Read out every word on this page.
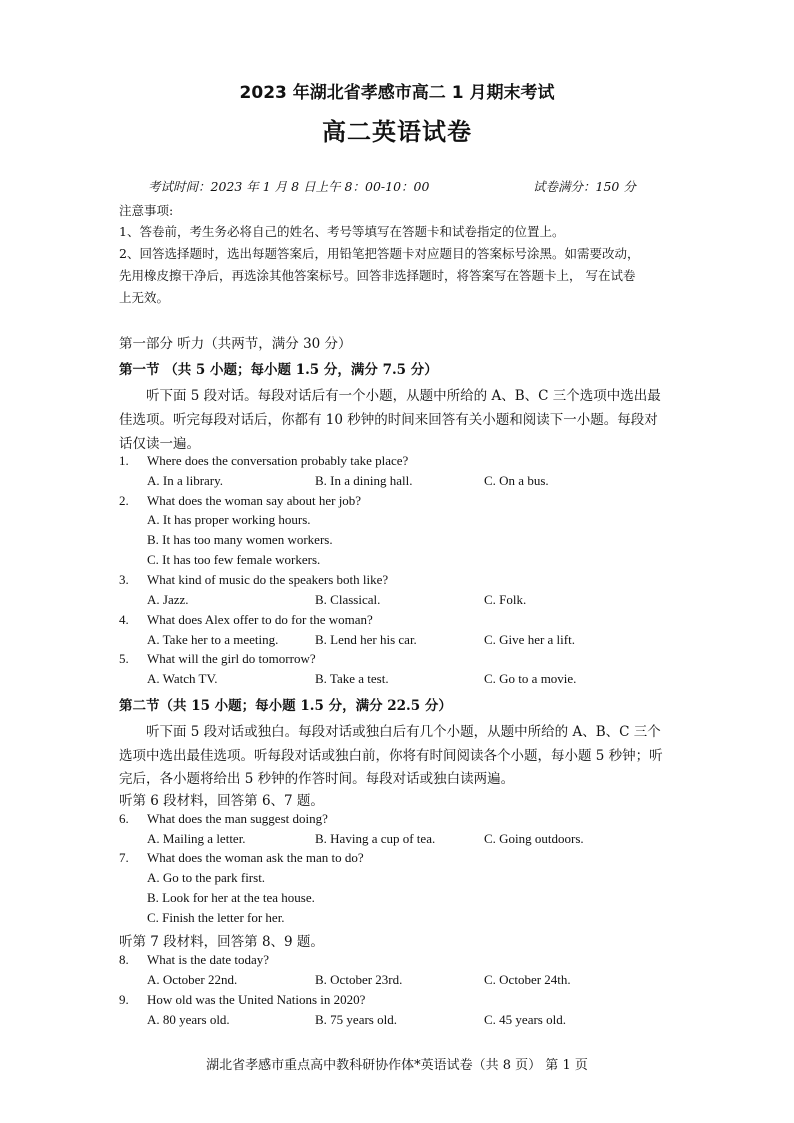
2023 年湖北省孝感市高二 1 月期末考试
高二英语试卷
考试时间：2023 年 1 月 8 日上午 8：00-10：00	试卷满分：150 分
注意事项:
1、答卷前，考生务必将自己的姓名、考号等填写在答题卡和试卷指定的位置上。
2、回答选择题时，选出每题答案后，用铅笔把答题卡对应题目的答案标号涂黑。如需要改动，
先用橡皮擦干净后，再选涂其他答案标号。回答非选择题时，将答案写在答题卡上， 写在试卷
上无效。
第一部分 听力（共两节，满分 30 分）
第一节 （共 5 小题；每小题 1.5 分，满分 7.5 分）
听下面 5 段对话。每段对话后有一个小题，从题中所给的 A、B、C 三个选项中选出最
佳选项。听完每段对话后，你都有 10 秒钟的时间来回答有关小题和阅读下一小题。每段对
话仅读一遍。
1. Where does the conversation probably take place?
A. In a library.	B. In a dining hall.	C. On a bus.
2. What does the woman say about her job?
A. It has proper working hours.
B. It has too many women workers.
C. It has too few female workers.
3. What kind of music do the speakers both like?
A. Jazz.	B. Classical.	C. Folk.
4. What does Alex offer to do for the woman?
A. Take her to a meeting.	B. Lend her his car.	C. Give her a lift.
5. What will the girl do tomorrow?
A. Watch TV.	B. Take a test.	C. Go to a movie.
第二节（共 15 小题；每小题 1.5 分，满分 22.5 分）
听下面 5 段对话或独白。每段对话或独白后有几个小题，从题中所给的 A、B、C 三个
选项中选出最佳选项。听每段对话或独白前，你将有时间阅读各个小题，每小题 5 秒钟；听
完后，各小题将给出 5 秒钟的作答时间。每段对话或独白读两遍。
听第 6 段材料，回答第 6、7 题。
6. What does the man suggest doing?
A. Mailing a letter.	B. Having a cup of tea.	C. Going outdoors.
7. What does the woman ask the man to do?
A. Go to the park first.
B. Look for her at the tea house.
C. Finish the letter for her.
听第 7 段材料，回答第 8、9 题。
8. What is the date today?
A. October 22nd.	B. October 23rd.	C. October 24th.
9. How old was the United Nations in 2020?
A. 80 years old.	B. 75 years old.	C. 45 years old.
湖北省孝感市重点高中教科研协作体*英语试卷（共 8 页） 第 1 页
